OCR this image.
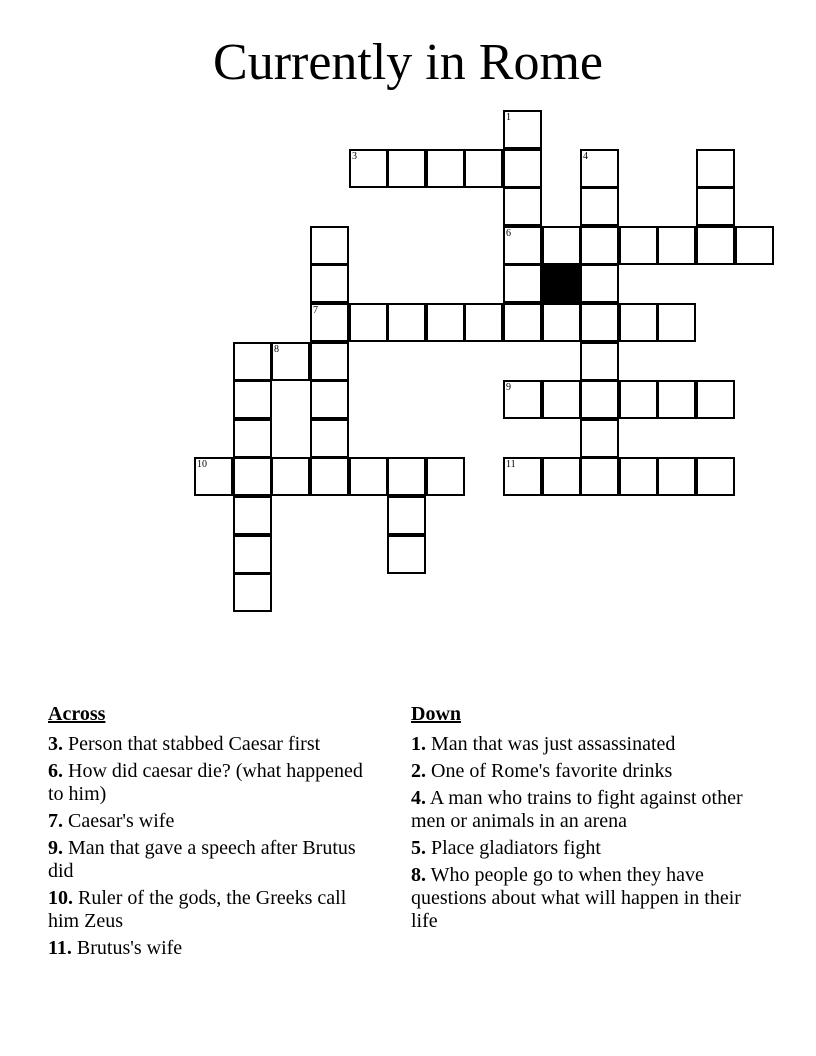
Currently in Rome
1
3	4
6
7
8
9
10	11
Across
3. Person that stabbed Caesar first
6. How did caesar die? (what happened to him)
7. Caesar's wife
9. Man that gave a speech after Brutus did
10. Ruler of the gods, the Greeks call him Zeus
11. Brutus's wife
Down
1. Man that was just assassinated
2. One of Rome's favorite drinks
4. A man who trains to fight against other men or animals in an arena
5. Place gladiators fight
8. Who people go to when they have questions about what will happen in their life
